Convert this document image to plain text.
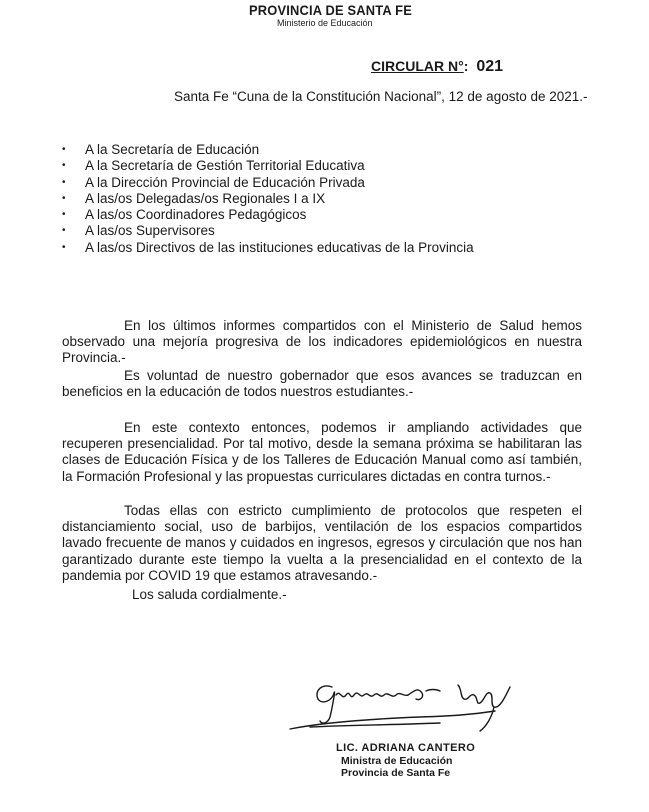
PROVINCIA DE SANTA FE
Ministerio de Educación
CIRCULAR N°: 021
Santa Fe “Cuna de la Constitución Nacional”, 12 de agosto de 2021.-
• A la Secretaría de Educación
• A la Secretaría de Gestión Territorial Educativa
• A la Dirección Provincial de Educación Privada
• A las/os Delegadas/os Regionales I a IX
• A las/os Coordinadores Pedagógicos
• A las/os Supervisores
• A las/os Directivos de las instituciones educativas de la Provincia

En los últimos informes compartidos con el Ministerio de Salud hemos observado una mejoría progresiva de los indicadores epidemiológicos en nuestra Provincia.-

Es voluntad de nuestro gobernador que esos avances se traduzcan en beneficios en la educación de todos nuestros estudiantes.-

En este contexto entonces, podemos ir ampliando actividades que recuperen presencialidad. Por tal motivo, desde la semana próxima se habilitaran las clases de Educación Física y de los Talleres de Educación Manual como así también, la Formación Profesional y las propuestas curriculares dictadas en contra turnos.-

Todas ellas con estricto cumplimiento de protocolos que respeten el distanciamiento social, uso de barbijos, ventilación de los espacios compartidos lavado frecuente de manos y cuidados en ingresos, egresos y circulación que nos han garantizado durante este tiempo la vuelta a la presencialidad en el contexto de la pandemia por COVID 19 que estamos atravesando.-

Los saluda cordialmente.-
LIC. ADRIANA CANTERO
Ministra de Educación
Provincia de Santa Fe
